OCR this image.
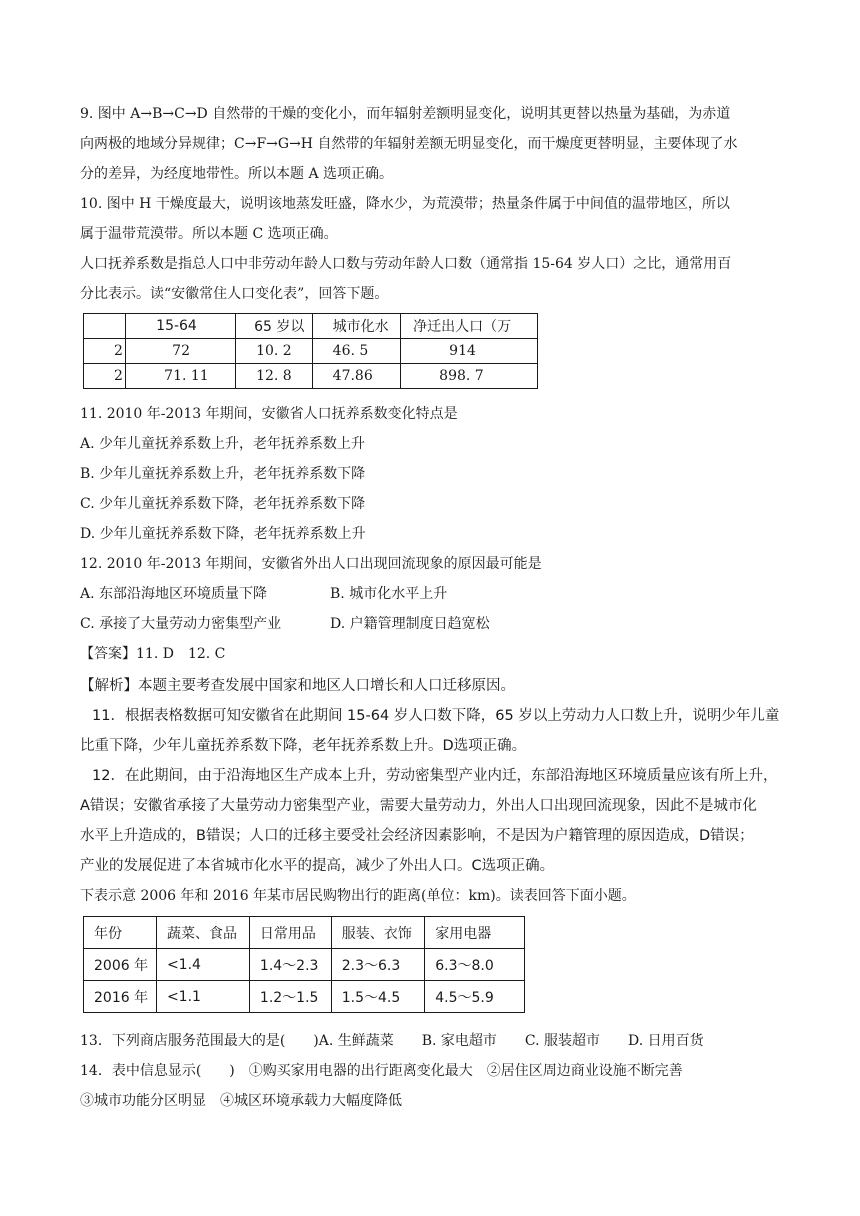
9. 图中 A→B→C→D 自然带的干燥的变化小，而年辐射差额明显变化，说明其更替以热量为基础，为赤道
向两极的地域分异规律；C→F→G→H 自然带的年辐射差额无明显变化，而干燥度更替明显，主要体现了水
分的差异，为经度地带性。所以本题 A 选项正确。
10. 图中 H 干燥度最大，说明该地蒸发旺盛，降水少，为荒漠带；热量条件属于中间值的温带地区，所以
属于温带荒漠带。所以本题 C 选项正确。
人口抚养系数是指总人口中非劳动年龄人口数与劳动年龄人口数（通常指 15-64 岁人口）之比，通常用百
分比表示。读“安徽常住人口变化表”，回答下题。
	15-64	65 岁以	城市化水	净迁出人口（万
2	72	10. 2	46. 5	914
2	71. 11	12. 8	47.86	898. 7
11. 2010 年-2013 年期间，安徽省人口抚养系数变化特点是
A. 少年儿童抚养系数上升，老年抚养系数上升
B. 少年儿童抚养系数上升，老年抚养系数下降
C. 少年儿童抚养系数下降，老年抚养系数下降
D. 少年儿童抚养系数下降，老年抚养系数上升
12. 2010 年-2013 年期间，安徽省外出人口出现回流现象的原因最可能是
A. 东部沿海地区环境质量下降	B. 城市化水平上升
C. 承接了大量劳动力密集型产业	D. 户籍管理制度日趋宽松
【答案】11. D　12. C
【解析】本题主要考查发展中国家和地区人口增长和人口迁移原因。
11．根据表格数据可知安徽省在此期间 15-64 岁人口数下降，65 岁以上劳动力人口数上升，说明少年儿童
比重下降，少年儿童抚养系数下降，老年抚养系数上升。D选项正确。
12．在此期间，由于沿海地区生产成本上升，劳动密集型产业内迁，东部沿海地区环境质量应该有所上升，
A错误；安徽省承接了大量劳动力密集型产业，需要大量劳动力，外出人口出现回流现象，因此不是城市化
水平上升造成的，B错误；人口的迁移主要受社会经济因素影响，不是因为户籍管理的原因造成，D错误；
产业的发展促进了本省城市化水平的提高，减少了外出人口。C选项正确。
下表示意 2006 年和 2016 年某市居民购物出行的距离(单位：km)。读表回答下面小题。
年份	蔬菜、食品	日常用品	服装、衣饰	家用电器
2006 年	<1.4	1.4～2.3	2.3～6.3	6.3～8.0
2016 年	<1.1	1.2～1.5	1.5～4.5	4.5～5.9
13．下列商店服务范围最大的是(　　)A. 生鲜蔬菜　　B. 家电超市　　C. 服装超市　　D. 日用百货
14．表中信息显示(　　)　①购买家用电器的出行距离变化最大　②居住区周边商业设施不断完善
③城市功能分区明显　④城区环境承载力大幅度降低
